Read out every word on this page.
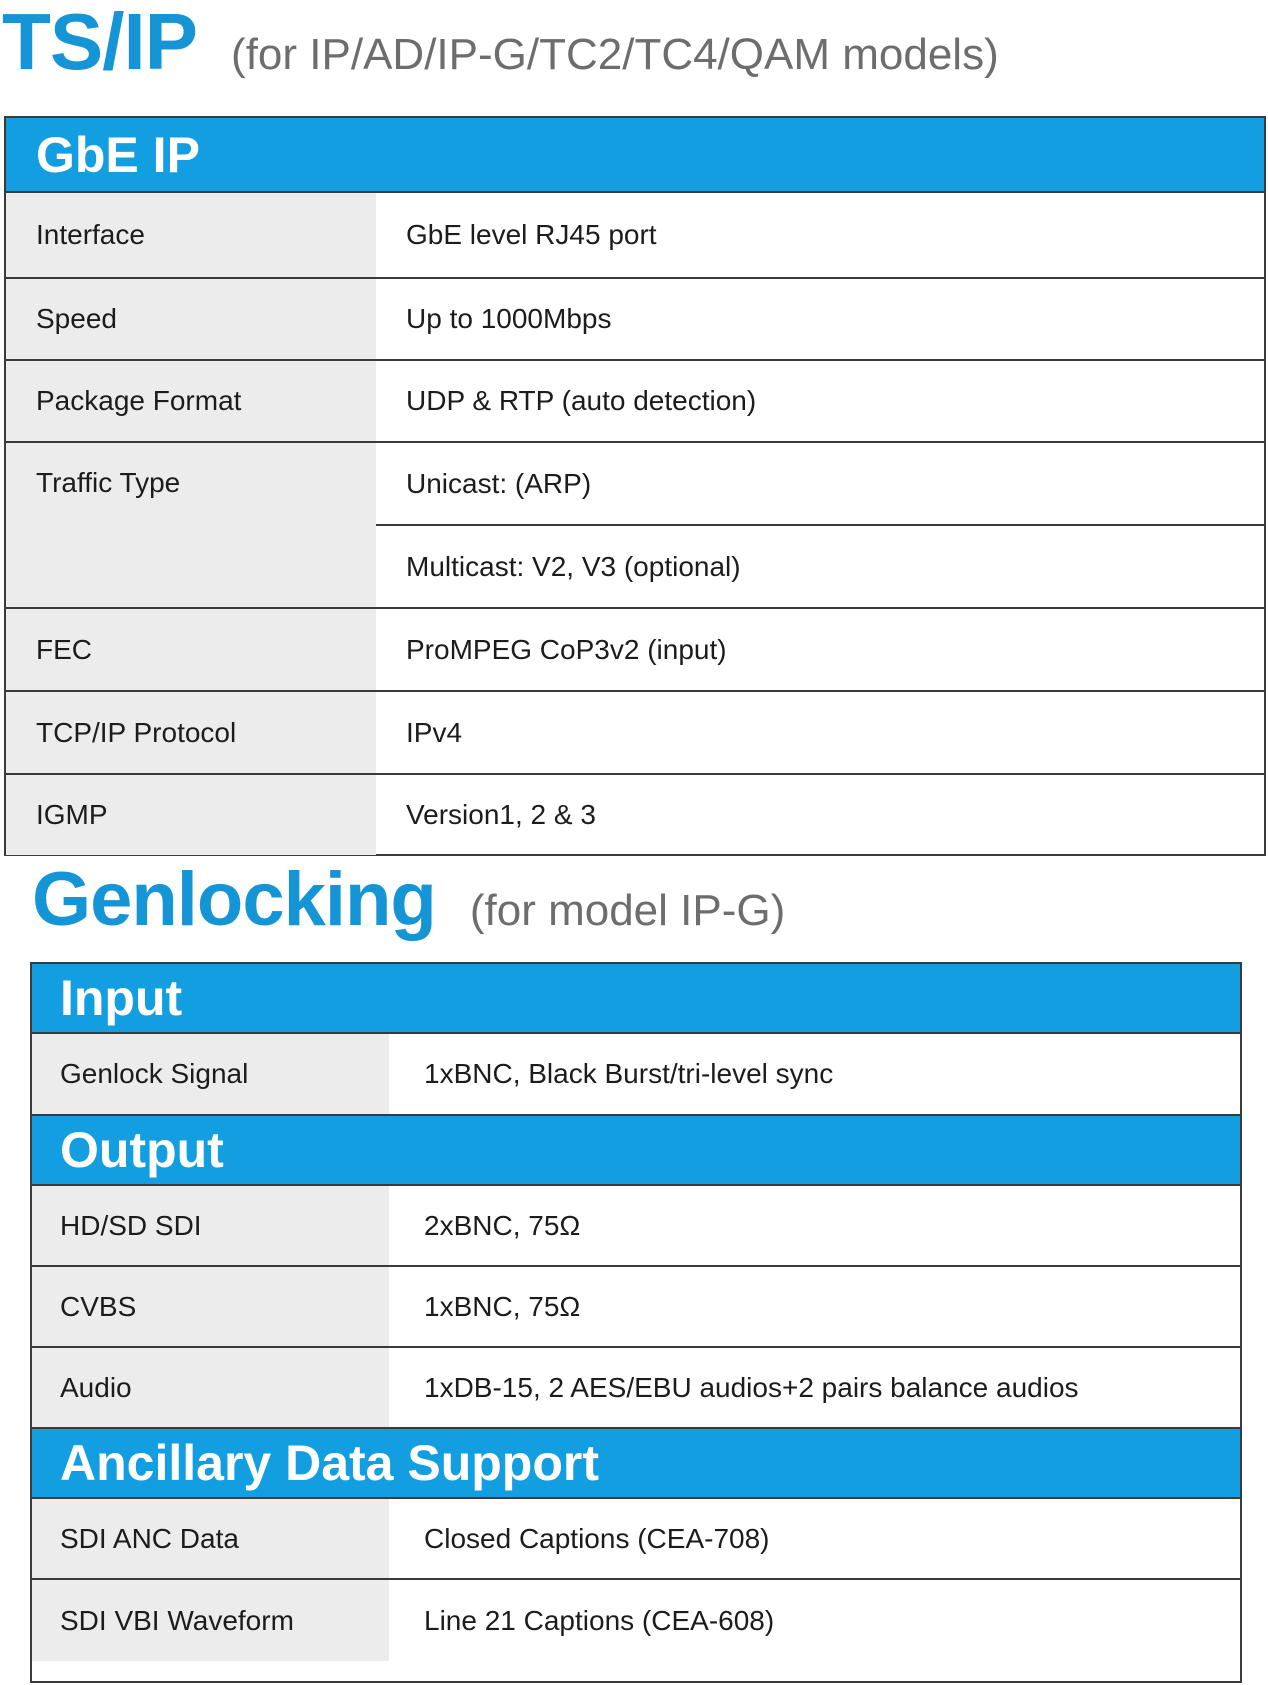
TS/IP (for IP/AD/IP-G/TC2/TC4/QAM models)
GbE IP
Interface	GbE level RJ45 port
Speed	Up to 1000Mbps
Package Format	UDP & RTP (auto detection)
Traffic Type	Unicast: (ARP)
Multicast: V2, V3 (optional)
FEC	ProMPEG CoP3v2 (input)
TCP/IP Protocol	IPv4
IGMP	Version1, 2 & 3
Genlocking (for model IP-G)
Input
Genlock Signal	1xBNC, Black Burst/tri-level sync
Output
HD/SD SDI	2xBNC, 75Ω
CVBS	1xBNC, 75Ω
Audio	1xDB-15, 2 AES/EBU audios+2 pairs balance audios
Ancillary Data Support
SDI ANC Data	Closed Captions (CEA-708)
SDI VBI Waveform	Line 21 Captions (CEA-608)
